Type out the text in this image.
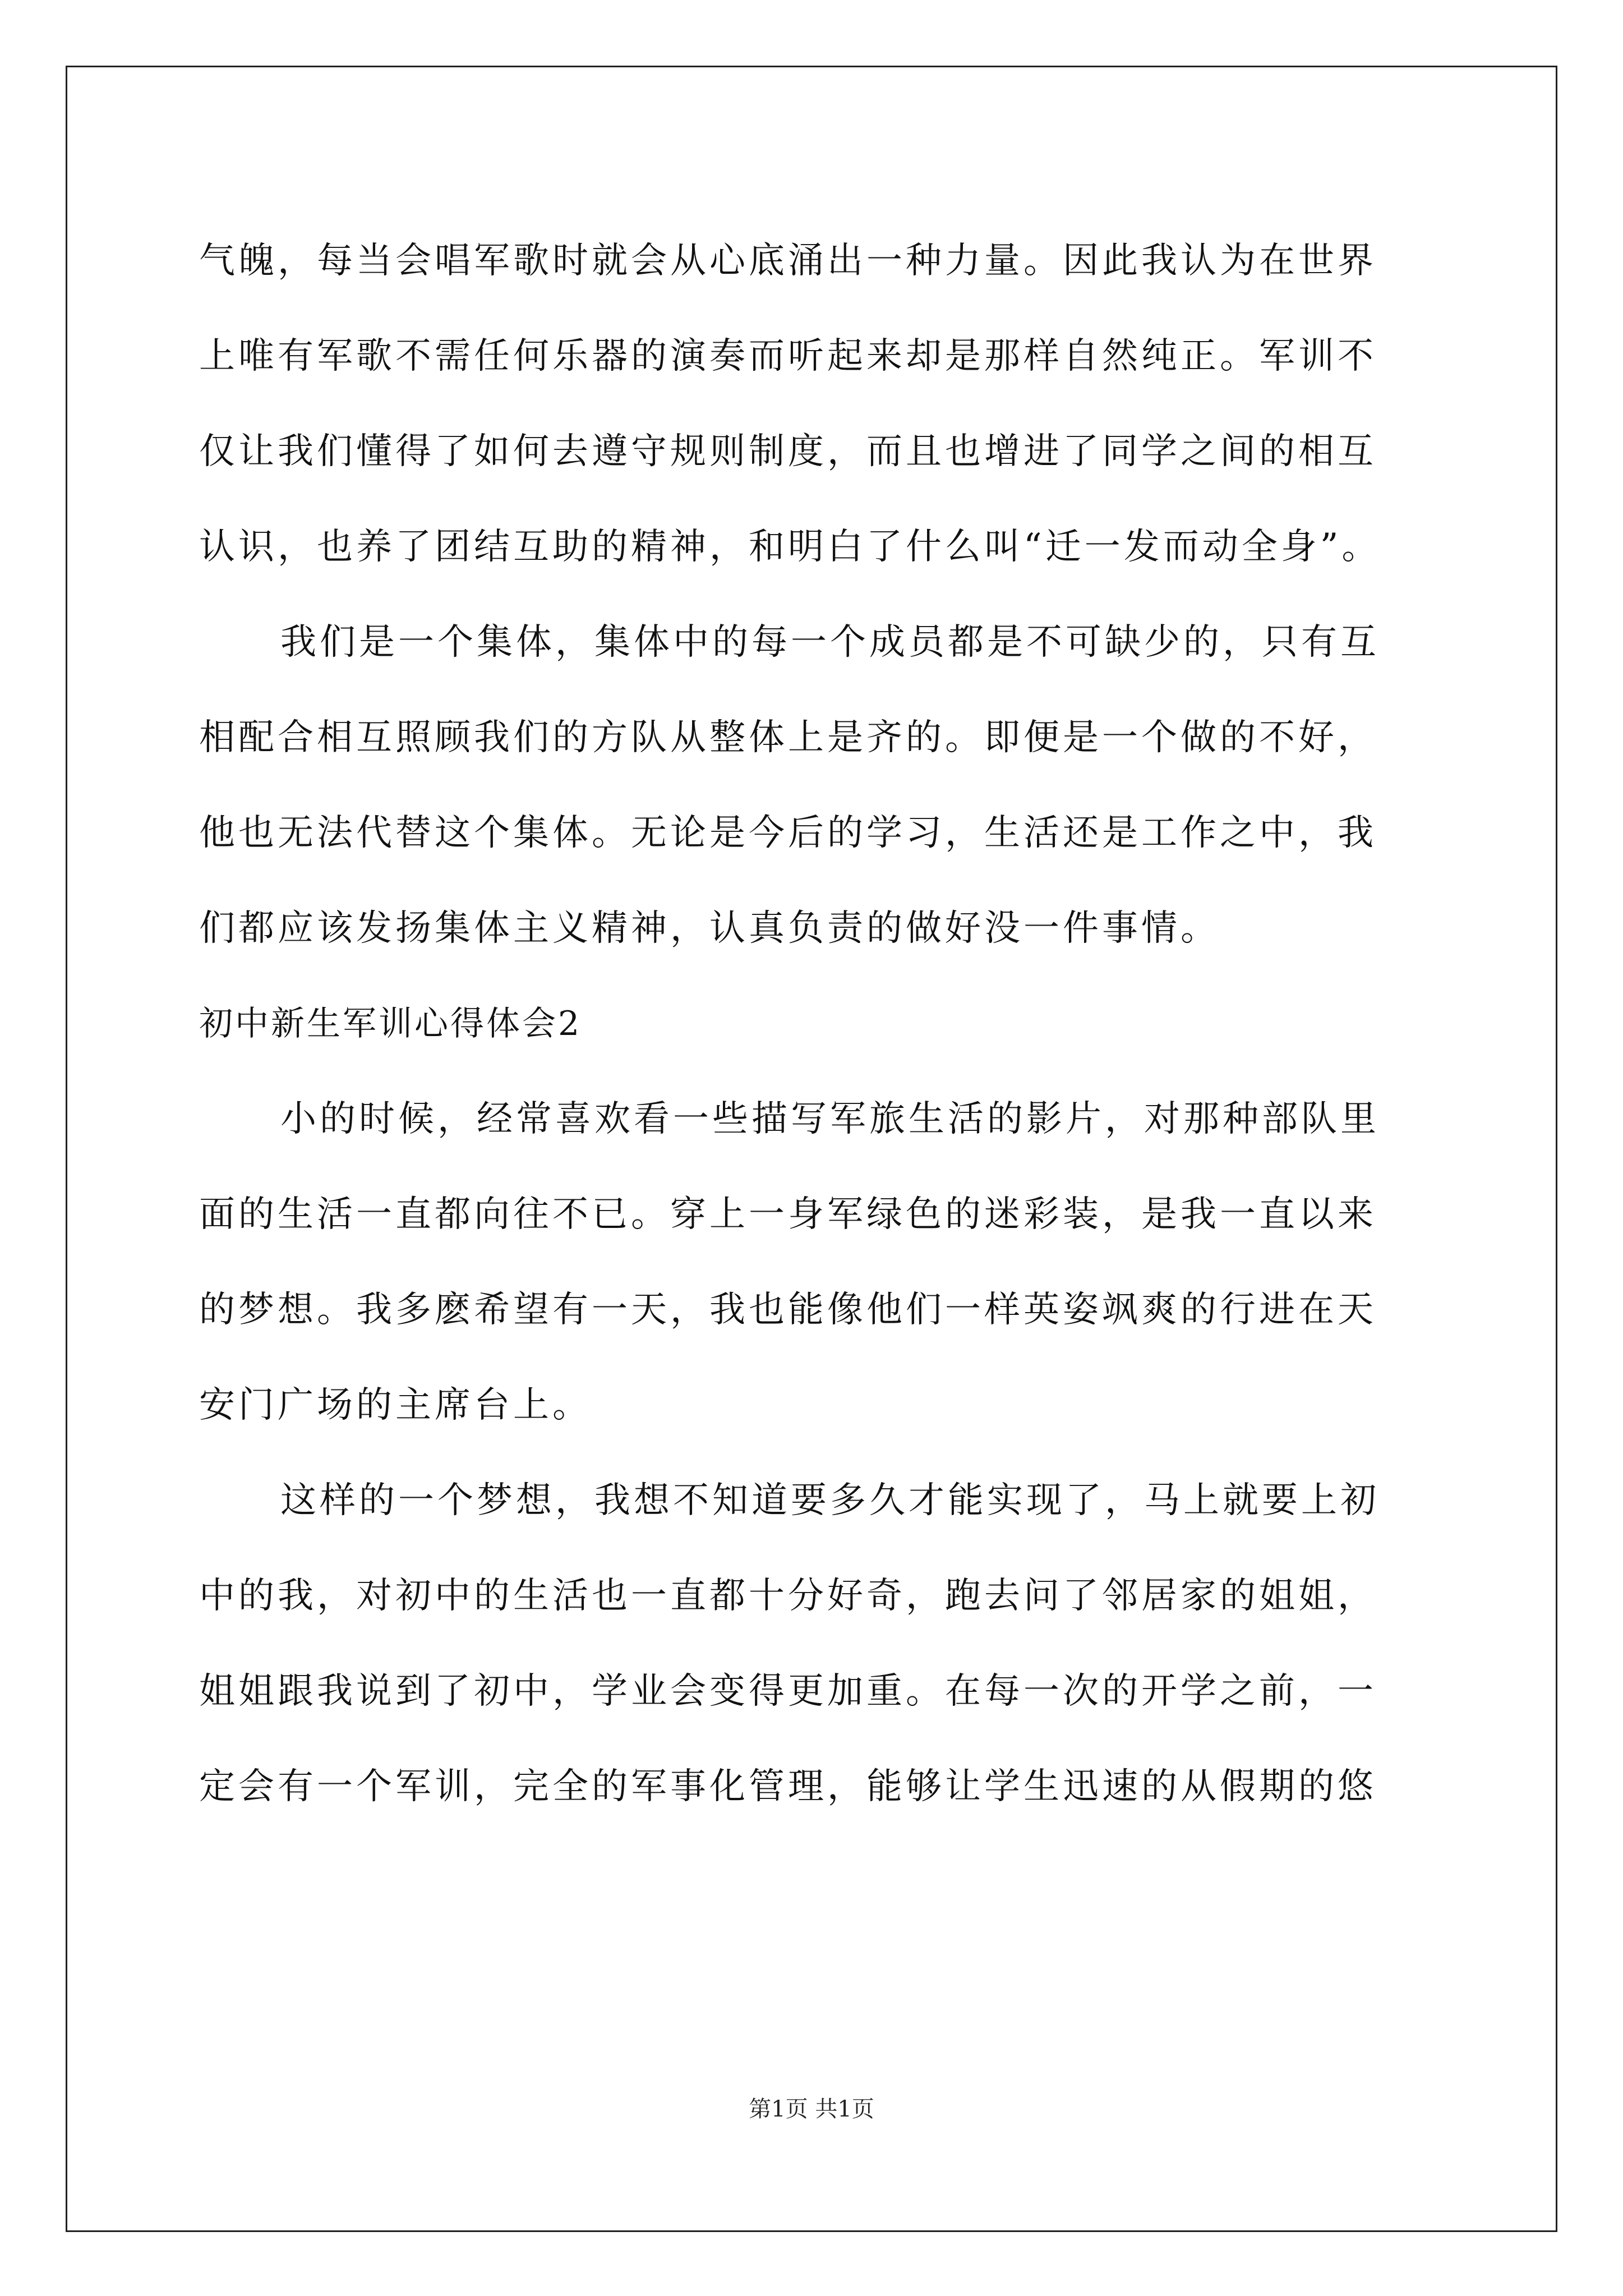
气魄，每当会唱军歌时就会从心底涌出一种力量。因此我认为在世界
上唯有军歌不需任何乐器的演奏而听起来却是那样自然纯正。军训不
仅让我们懂得了如何去遵守规则制度，而且也增进了同学之间的相互
认识，也养了团结互助的精神，和明白了什么叫“迁一发而动全身”。
我们是一个集体，集体中的每一个成员都是不可缺少的，只有互
相配合相互照顾我们的方队从整体上是齐的。即便是一个做的不好，
他也无法代替这个集体。无论是今后的学习，生活还是工作之中，我
们都应该发扬集体主义精神，认真负责的做好没一件事情。
初中新生军训心得体会2
小的时候，经常喜欢看一些描写军旅生活的影片，对那种部队里
面的生活一直都向往不已。穿上一身军绿色的迷彩装，是我一直以来
的梦想。我多麽希望有一天，我也能像他们一样英姿飒爽的行进在天
安门广场的主席台上。
这样的一个梦想，我想不知道要多久才能实现了，马上就要上初
中的我，对初中的生活也一直都十分好奇，跑去问了邻居家的姐姐，
姐姐跟我说到了初中，学业会变得更加重。在每一次的开学之前，一
定会有一个军训，完全的军事化管理，能够让学生迅速的从假期的悠
第1页 共1页
